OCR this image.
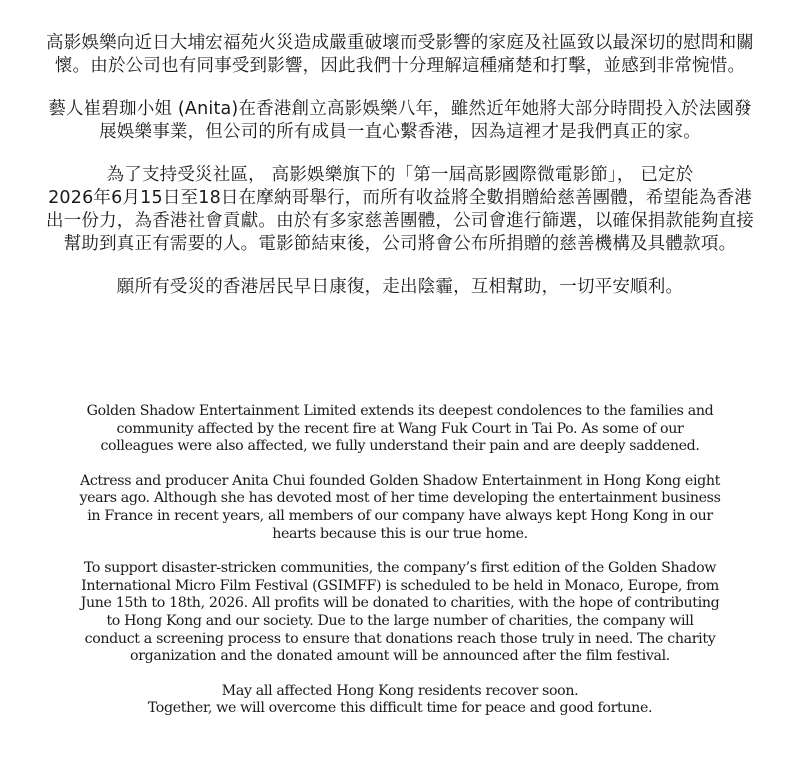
高影娛樂向近日大埔宏福苑火災造成嚴重破壞而受影響的家庭及社區致以最深切的慰問和關
懷。由於公司也有同事受到影響，因此我們十分理解這種痛楚和打擊，並感到非常惋惜。

藝人崔碧珈小姐 (Anita)在香港創立高影娛樂八年，雖然近年她將大部分時間投入於法國發
展娛樂事業，但公司的所有成員一直心繫香港，因為這裡才是我們真正的家。

為了支持受災社區， 高影娛樂旗下的「第一屆高影國際微電影節」， 已定於
2026年6月15日至18日在摩納哥舉行，而所有收益將全數捐贈給慈善團體，希望能為香港
出一份力，為香港社會貢獻。由於有多家慈善團體，公司會進行篩選，以確保捐款能夠直接
幫助到真正有需要的人。電影節結束後，公司將會公布所捐贈的慈善機構及具體款項。

願所有受災的香港居民早日康復，走出陰霾，互相幫助，一切平安順利。

Golden Shadow Entertainment Limited extends its deepest condolences to the families and
community affected by the recent fire at Wang Fuk Court in Tai Po. As some of our
colleagues were also affected, we fully understand their pain and are deeply saddened.

Actress and producer Anita Chui founded Golden Shadow Entertainment in Hong Kong eight
years ago. Although she has devoted most of her time developing the entertainment business
in France in recent years, all members of our company have always kept Hong Kong in our
hearts because this is our true home.

To support disaster-stricken communities, the company’s first edition of the Golden Shadow
International Micro Film Festival (GSIMFF) is scheduled to be held in Monaco, Europe, from
June 15th to 18th, 2026. All profits will be donated to charities, with the hope of contributing
to Hong Kong and our society. Due to the large number of charities, the company will
conduct a screening process to ensure that donations reach those truly in need. The charity
organization and the donated amount will be announced after the film festival.

May all affected Hong Kong residents recover soon.
Together, we will overcome this difficult time for peace and good fortune.
